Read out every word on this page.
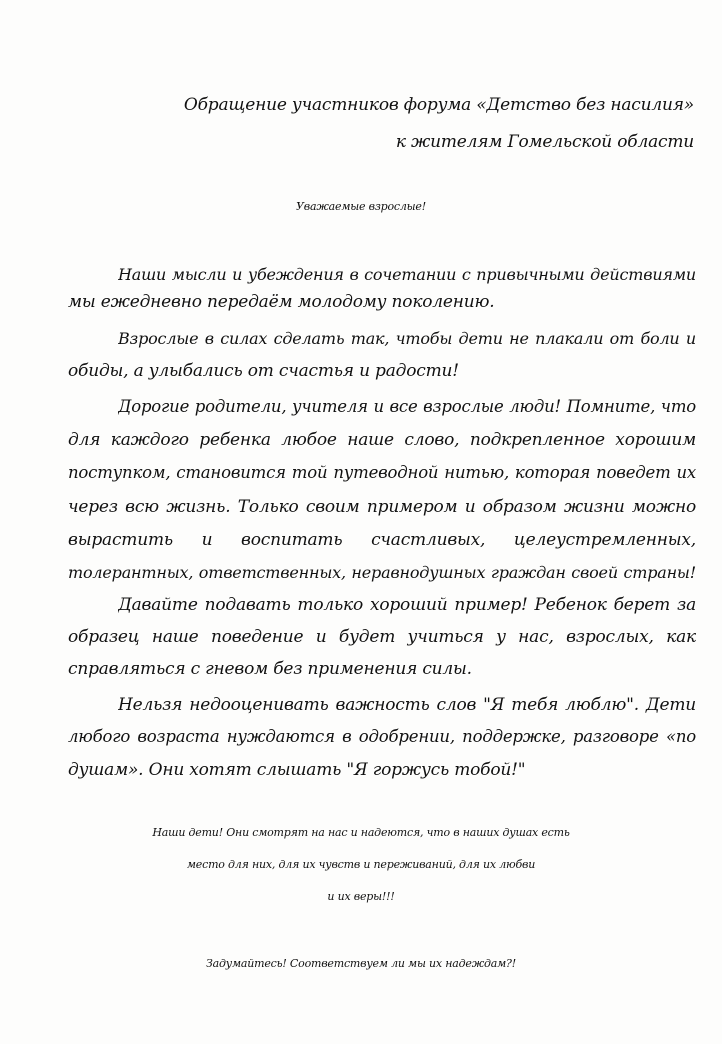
Обращение участников форума «Детство без насилия»
к жителям Гомельской области
Уважаемые взрослые!
Наши мысли и убеждения в сочетании с привычными действиями
мы ежедневно передаём молодому поколению.
Взрослые в силах сделать так, чтобы дети не плакали от боли и
обиды, а улыбались от счастья и радости!
Дорогие родители, учителя и все взрослые люди! Помните, что
для каждого ребенка любое наше слово, подкрепленное хорошим
поступком, становится той путеводной нитью, которая поведет их
через всю жизнь. Только своим примером и образом жизни можно
вырастить и воспитать счастливых, целеустремленных,
толерантных, ответственных, неравнодушных граждан своей страны!
Давайте подавать только хороший пример! Ребенок берет за
образец наше поведение и будет учиться у нас, взрослых, как
справляться с гневом без применения силы.
Нельзя недооценивать важность слов "Я тебя люблю". Дети
любого возраста нуждаются в одобрении, поддержке, разговоре «по
душам». Они хотят слышать "Я горжусь тобой!"
Наши дети! Они смотрят на нас и надеются, что в наших душах есть
место для них, для их чувств и переживаний, для их любви
и их веры!!!
Задумайтесь! Соответствуем ли мы их надеждам?!
